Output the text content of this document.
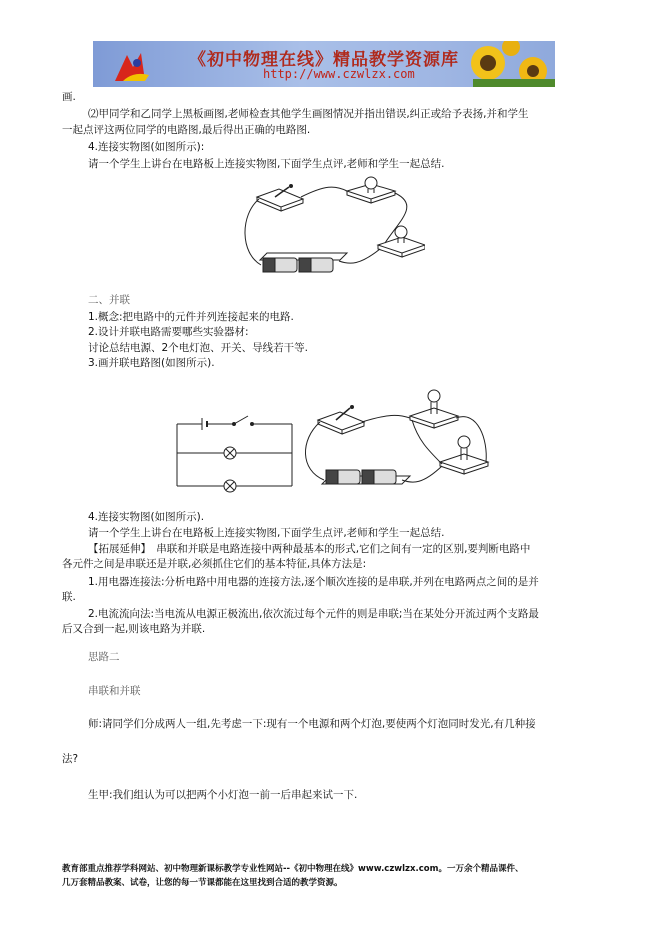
《初中物理在线》精品教学资源库
http://www.czwlzx.com
画.
⑵甲同学和乙同学上黑板画图,老师检查其他学生画图情况并指出错误,纠正或给予表扬,并和学生
一起点评这两位同学的电路图,最后得出正确的电路图.
4.连接实物图(如图所示):
请一个学生上讲台在电路板上连接实物图,下面学生点评,老师和学生一起总结.
二、并联
1.概念:把电路中的元件并列连接起来的电路.
2.设计并联电路需要哪些实验器材:
讨论总结电源、2个电灯泡、开关、导线若干等.
3.画并联电路图(如图所示).
4.连接实物图(如图所示).
请一个学生上讲台在电路板上连接实物图,下面学生点评,老师和学生一起总结.
【拓展延伸】　串联和并联是电路连接中两种最基本的形式,它们之间有一定的区别,要判断电路中
各元件之间是串联还是并联,必须抓住它们的基本特征,具体方法是:
1.用电器连接法:分析电路中用电器的连接方法,逐个顺次连接的是串联,并列在电路两点之间的是并
联.
2.电流流向法:当电流从电源正极流出,依次流过每个元件的则是串联;当在某处分开流过两个支路最
后又合到一起,则该电路为并联.
思路二
串联和并联
师:请同学们分成两人一组,先考虑一下:现有一个电源和两个灯泡,要使两个灯泡同时发光,有几种接
法?
生甲:我们组认为可以把两个小灯泡一前一后串起来试一下.
教育部重点推荐学科网站、初中物理新课标教学专业性网站--《初中物理在线》www.czwlzx.com。一万余个精品课件、
几万套精品教案、试卷，让您的每一节课都能在这里找到合适的教学资源。
